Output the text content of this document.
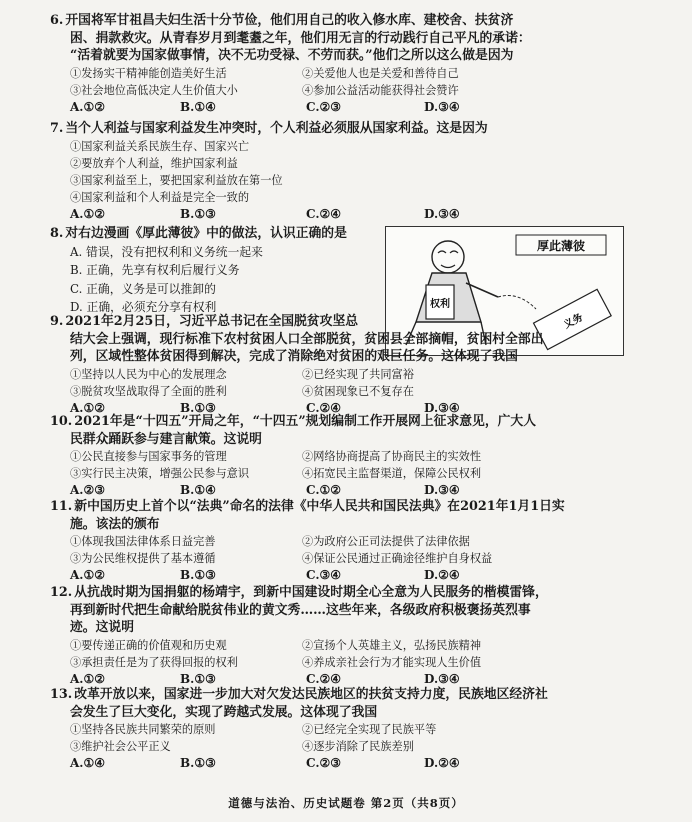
6. 开国将军甘祖昌夫妇生活十分节俭，他们用自己的收入修水库、建校舍、扶贫济

困、捐款救灾。从青春岁月到耄耋之年，他们用无言的行动践行自己平凡的承诺：

“活着就要为国家做事情，决不无功受禄、不劳而获。”他们之所以这么做是因为

①发扬实干精神能创造美好生活	②关爱他人也是关爱和善待自己
③社会地位高低决定人生价值大小	④参加公益活动能获得社会赞许
A.①②	B.①④	C.②③	D.③④

7. 当个人利益与国家利益发生冲突时，个人利益必须服从国家利益。这是因为

①国家利益关系民族生存、国家兴亡
②要放弃个人利益，维护国家利益
③国家利益至上，要把国家利益放在第一位
④国家利益和个人利益是完全一致的
A.①②	B.①③	C.②④	D.③④

8. 对右边漫画《厚此薄彼》中的做法，认识正确的是

A. 错误，没有把权利和义务统一起来
B. 正确，先享有权利后履行义务
C. 正确，义务是可以推卸的
D. 正确，必须充分享有权利
厚此薄彼
权利
义务

9. 2021年2月25日，习近平总书记在全国脱贫攻坚总

结大会上强调，现行标准下农村贫困人口全部脱贫，贫困县全部摘帽，贫困村全部出

列，区域性整体贫困得到解决，完成了消除绝对贫困的艰巨任务。这体现了我国

①坚持以人民为中心的发展理念	②已经实现了共同富裕
③脱贫攻坚战取得了全面的胜利	④贫困现象已不复存在
A.①②	B.①③	C.②④	D.③④

10. 2021年是“十四五”开局之年，“十四五”规划编制工作开展网上征求意见，广大人

民群众踊跃参与建言献策。这说明

①公民直接参与国家事务的管理	②网络协商提高了协商民主的实效性
③实行民主决策，增强公民参与意识	④拓宽民主监督渠道，保障公民权利
A.②③	B.①④	C.①②	D.③④

11. 新中国历史上首个以“法典”命名的法律《中华人民共和国民法典》在2021年1月1日实

施。该法的颁布

①体现我国法律体系日益完善	②为政府公正司法提供了法律依据
③为公民维权提供了基本遵循	④保证公民通过正确途径维护自身权益
A.①②	B.①③	C.③④	D.②④

12. 从抗战时期为国捐躯的杨靖宇，到新中国建设时期全心全意为人民服务的楷模雷锋，

再到新时代把生命献给脱贫伟业的黄文秀……这些年来，各级政府积极褒扬英烈事

迹。这说明

①要传递正确的价值观和历史观	②宣扬个人英雄主义，弘扬民族精神
③承担责任是为了获得回报的权利	④养成亲社会行为才能实现人生价值
A.①②	B.①③	C.②④	D.③④

13. 改革开放以来，国家进一步加大对欠发达民族地区的扶贫支持力度，民族地区经济社

会发生了巨大变化，实现了跨越式发展。这体现了我国

①坚持各民族共同繁荣的原则	②已经完全实现了民族平等
③维护社会公平正义	④逐步消除了民族差别
A.①④	B.①③	C.②③	D.②④
道德与法治、历史试题卷 第2页（共8页）
